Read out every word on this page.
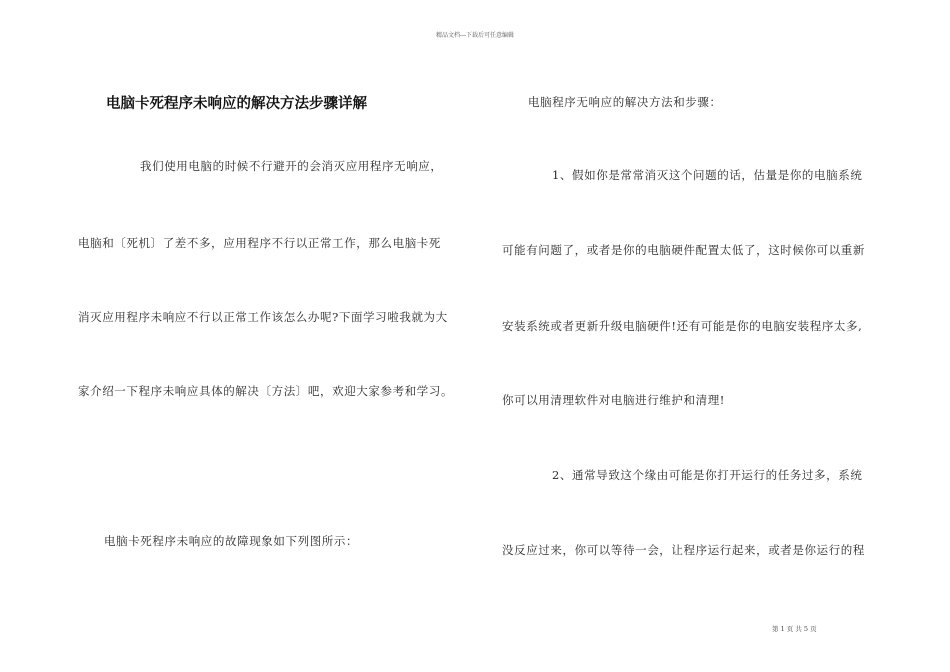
精品文档---下载后可任意编辑
电脑卡死程序未响应的解决方法步骤详解
我们使用电脑的时候不行避开的会消灭应用程序无响应，
电脑和〔死机〕了差不多，应用程序不行以正常工作，那么电脑卡死
消灭应用程序未响应不行以正常工作该怎么办呢?下面学习啦我就为大
家介绍一下程序未响应具体的解决〔方法〕吧，欢迎大家参考和学习。
电脑卡死程序未响应的故障现象如下列图所示：
电脑程序无响应的解决方法和步骤：
1、假如你是常常消灭这个问题的话，估量是你的电脑系统
可能有问题了，或者是你的电脑硬件配置太低了，这时候你可以重新
安装系统或者更新升级电脑硬件!还有可能是你的电脑安装程序太多,
你可以用清理软件对电脑进行维护和清理!
2、通常导致这个缘由可能是你打开运行的任务过多，系统
没反应过来，你可以等待一会，让程序运行起来，或者是你运行的程
第 1 页 共 5 页
